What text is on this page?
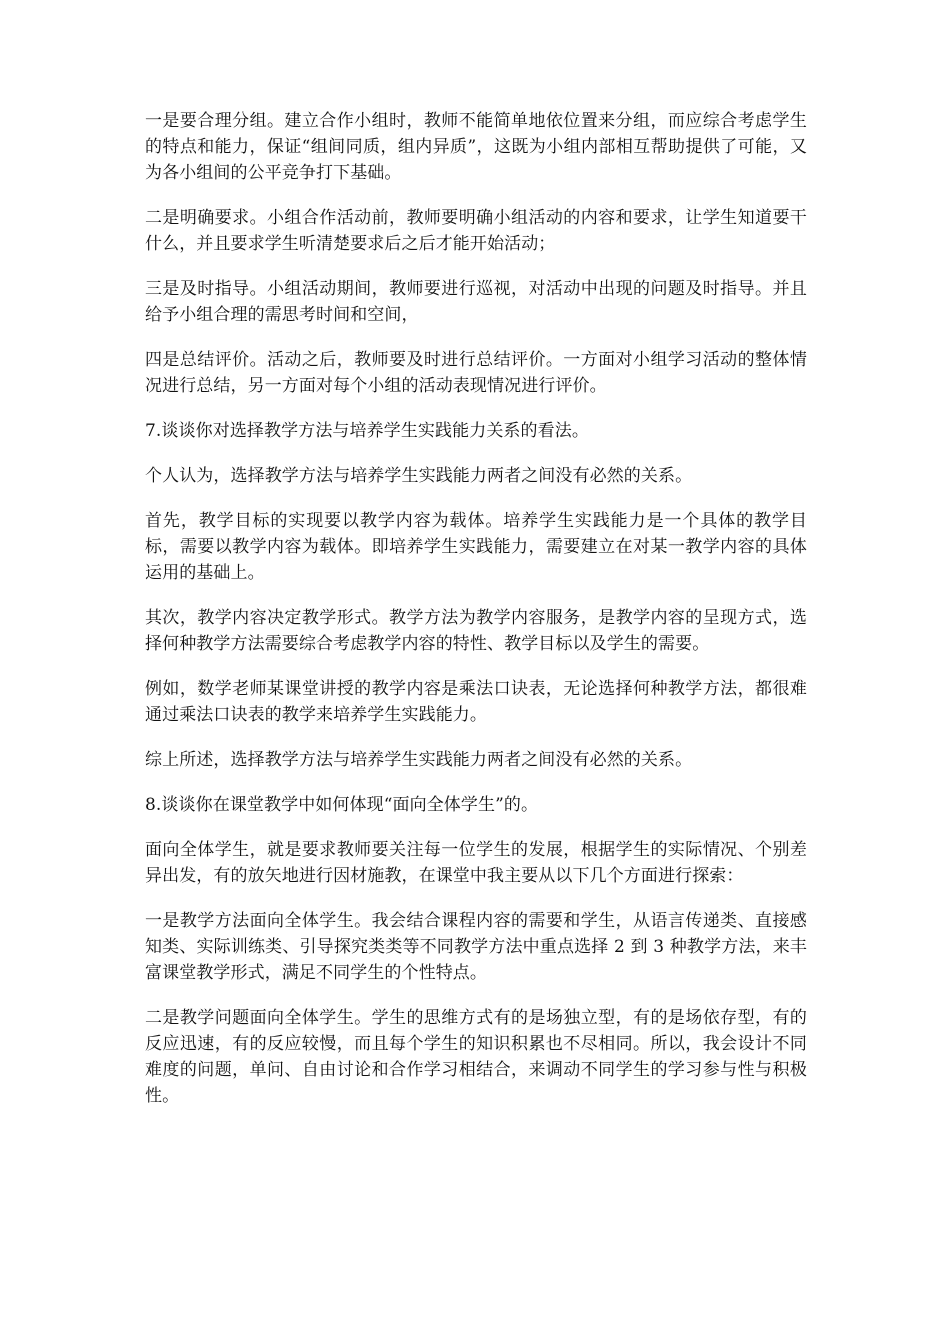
一是要合理分组。建立合作小组时，教师不能简单地依位置来分组，而应综合考虑学生的特点和能力，保证“组间同质，组内异质”，这既为小组内部相互帮助提供了可能，又为各小组间的公平竞争打下基础。

二是明确要求。小组合作活动前，教师要明确小组活动的内容和要求，让学生知道要干什么，并且要求学生听清楚要求后之后才能开始活动；

三是及时指导。小组活动期间，教师要进行巡视，对活动中出现的问题及时指导。并且给予小组合理的需思考时间和空间，

四是总结评价。活动之后，教师要及时进行总结评价。一方面对小组学习活动的整体情况进行总结，另一方面对每个小组的活动表现情况进行评价。

7.谈谈你对选择教学方法与培养学生实践能力关系的看法。

个人认为，选择教学方法与培养学生实践能力两者之间没有必然的关系。

首先，教学目标的实现要以教学内容为载体。培养学生实践能力是一个具体的教学目标，需要以教学内容为载体。即培养学生实践能力，需要建立在对某一教学内容的具体运用的基础上。

其次，教学内容决定教学形式。教学方法为教学内容服务，是教学内容的呈现方式，选择何种教学方法需要综合考虑教学内容的特性、教学目标以及学生的需要。

例如，数学老师某课堂讲授的教学内容是乘法口诀表，无论选择何种教学方法，都很难通过乘法口诀表的教学来培养学生实践能力。

综上所述，选择教学方法与培养学生实践能力两者之间没有必然的关系。

8.谈谈你在课堂教学中如何体现“面向全体学生”的。

面向全体学生，就是要求教师要关注每一位学生的发展，根据学生的实际情况、个别差异出发，有的放矢地进行因材施教，在课堂中我主要从以下几个方面进行探索：

一是教学方法面向全体学生。我会结合课程内容的需要和学生，从语言传递类、直接感知类、实际训练类、引导探究类类等不同教学方法中重点选择 2 到 3 种教学方法，来丰富课堂教学形式，满足不同学生的个性特点。

二是教学问题面向全体学生。学生的思维方式有的是场独立型，有的是场依存型，有的反应迅速，有的反应较慢，而且每个学生的知识积累也不尽相同。所以，我会设计不同难度的问题，单问、自由讨论和合作学习相结合，来调动不同学生的学习参与性与积极性。
